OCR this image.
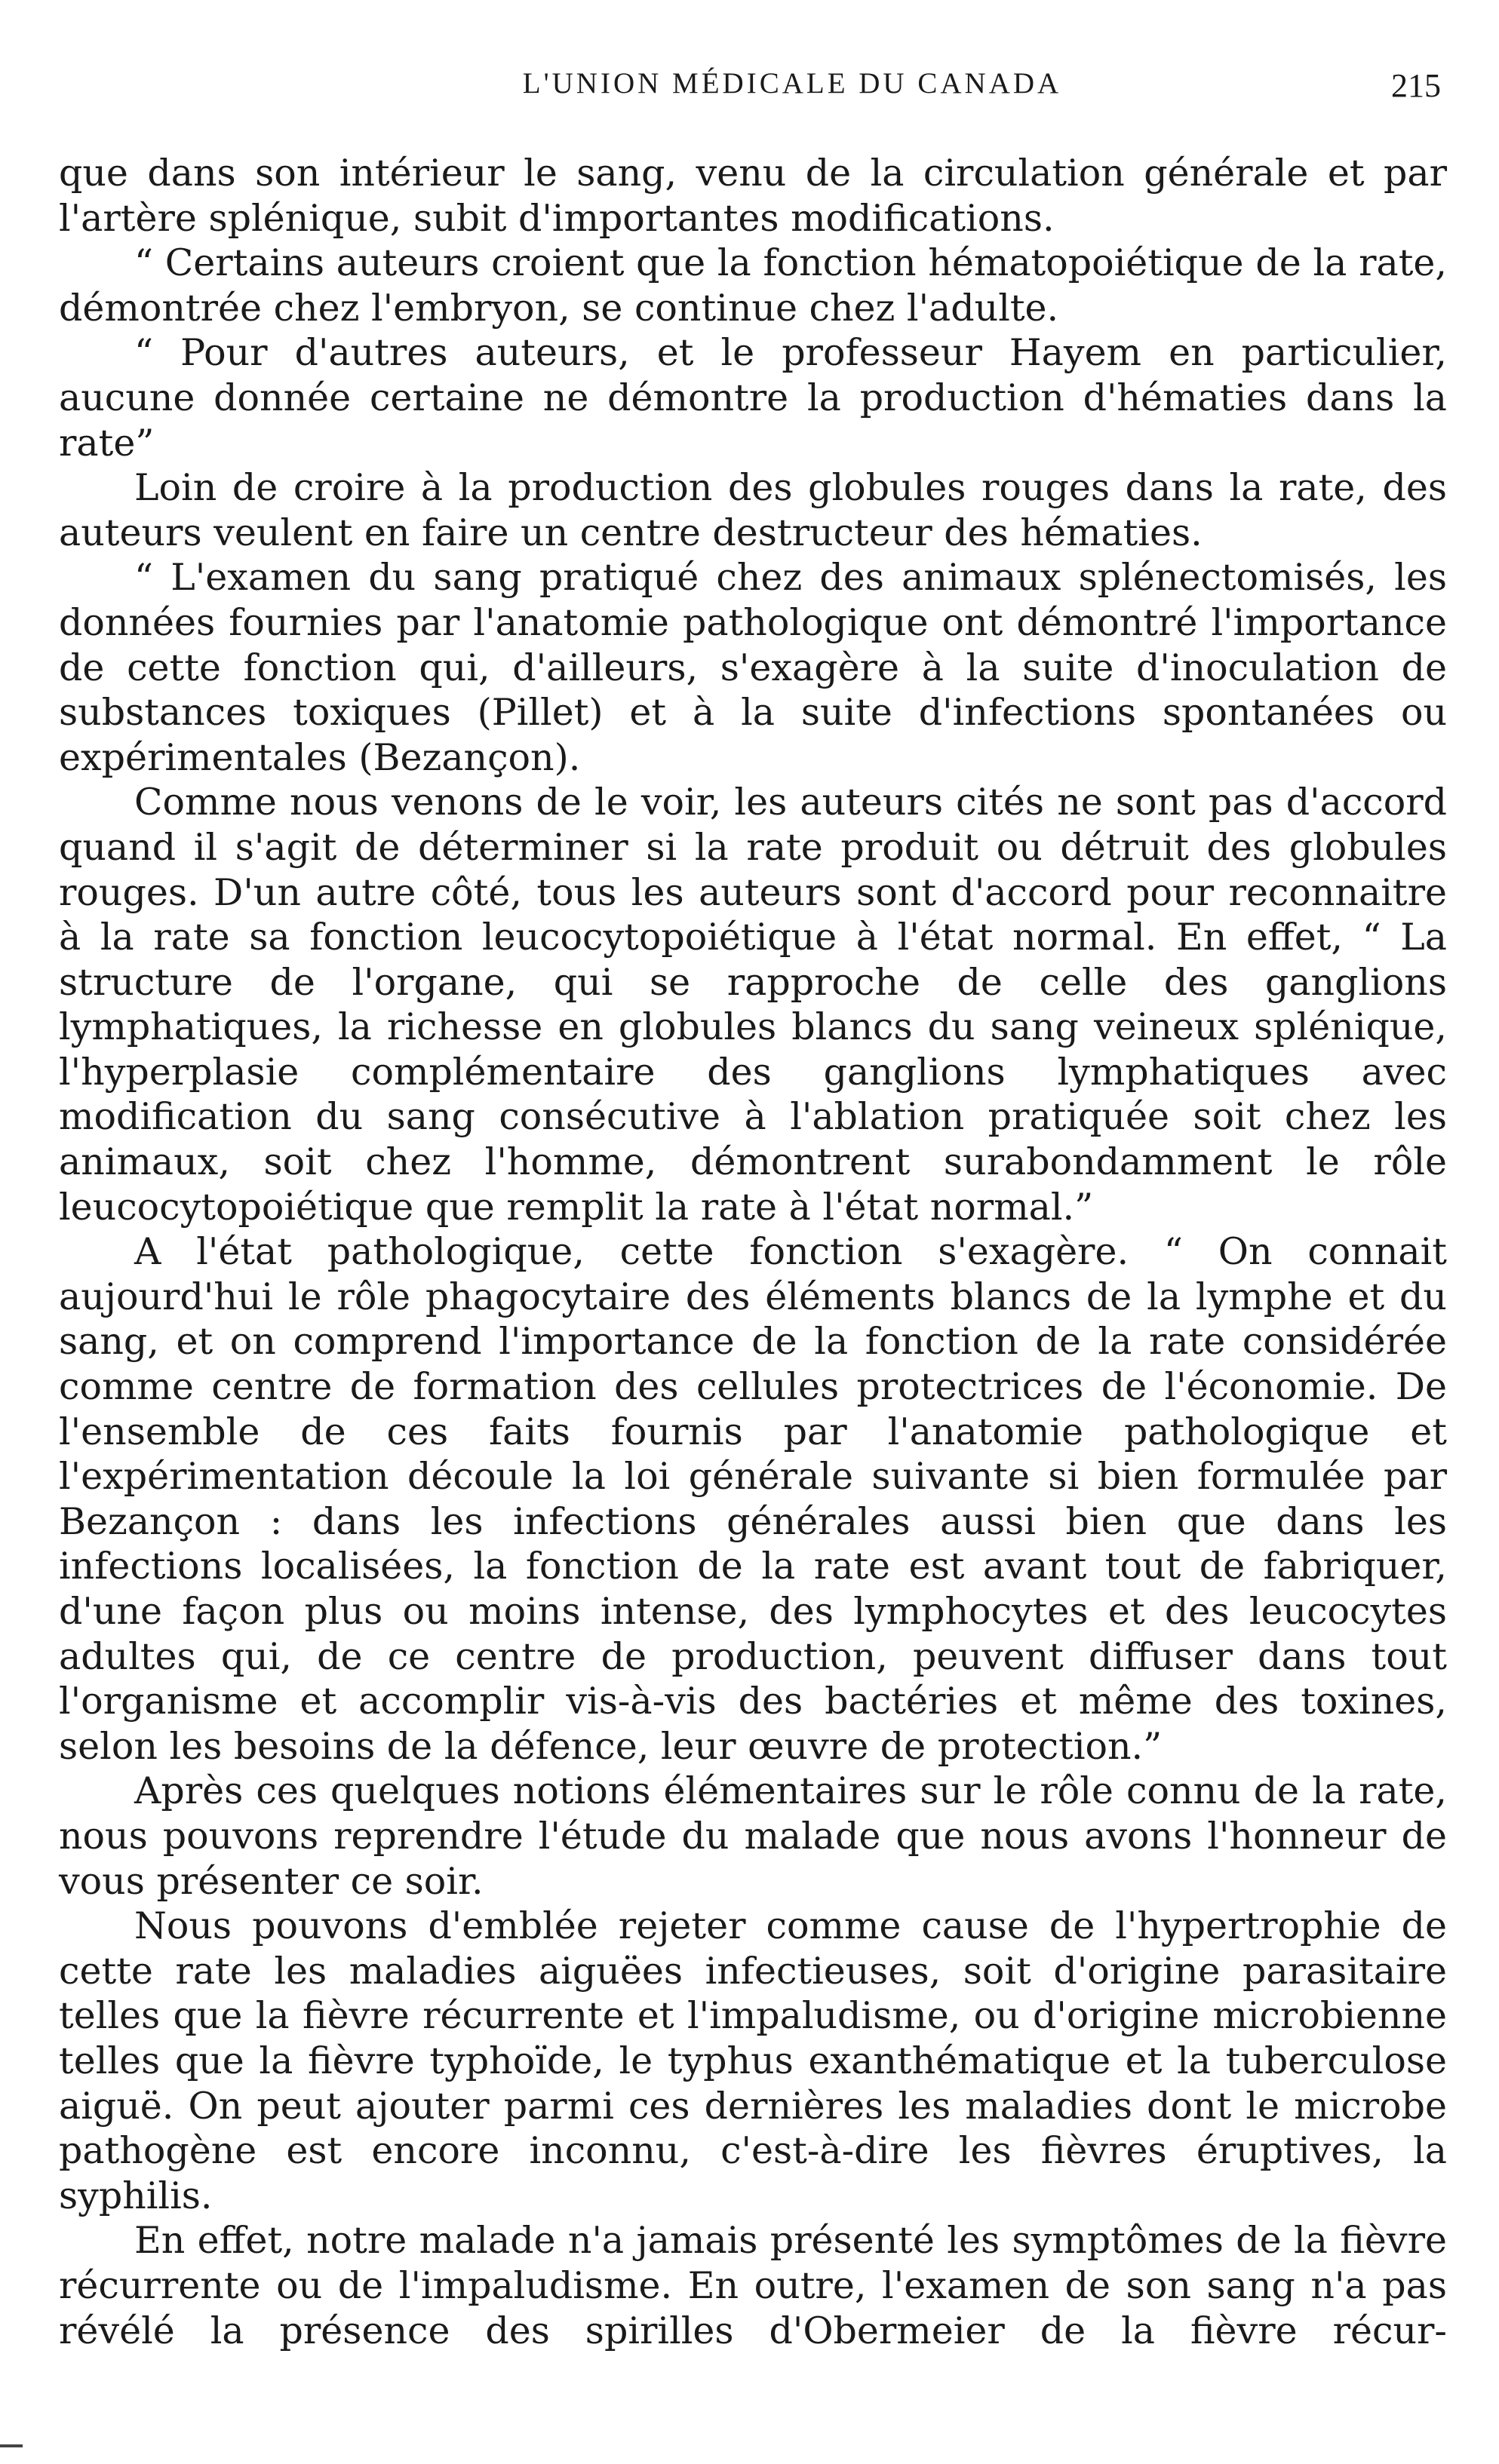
L'UNION MÉDICALE DU CANADA	215

que dans son intérieur le sang, venu de la circulation générale et par l'artère splénique, subit d'importantes modifications.

“ Certains auteurs croient que la fonction hématopoiétique de la rate, démontrée chez l'embryon, se continue chez l'adulte.

“ Pour d'autres auteurs, et le professeur Hayem en particulier, aucune donnée certaine ne démontre la production d'hématies dans la rate”

Loin de croire à la production des globules rouges dans la rate, des auteurs veulent en faire un centre destructeur des hématies.

“ L'examen du sang pratiqué chez des animaux splénectomisés, les données fournies par l'anatomie pathologique ont démontré l'importance de cette fonction qui, d'ailleurs, s'exagère à la suite d'inoculation de substances toxiques (Pillet) et à la suite d'infections spontanées ou expérimentales (Bezançon).

Comme nous venons de le voir, les auteurs cités ne sont pas d'accord quand il s'agit de déterminer si la rate produit ou détruit des globules rouges. D'un autre côté, tous les auteurs sont d'accord pour reconnaitre à la rate sa fonction leucocytopoiétique à l'état normal. En effet, “ La structure de l'organe, qui se rapproche de celle des ganglions lymphatiques, la richesse en globules blancs du sang veineux splénique, l'hyperplasie complémentaire des ganglions lymphatiques avec modification du sang consécutive à l'ablation pratiquée soit chez les animaux, soit chez l'homme, démontrent surabondamment le rôle leucocytopoiétique que remplit la rate à l'état normal.”

A l'état pathologique, cette fonction s'exagère. “ On connait aujourd'hui le rôle phagocytaire des éléments blancs de la lymphe et du sang, et on comprend l'importance de la fonction de la rate considérée comme centre de formation des cellules protectrices de l'économie. De l'ensemble de ces faits fournis par l'anatomie pathologique et l'expérimentation découle la loi générale suivante si bien formulée par Bezançon : dans les infections générales aussi bien que dans les infections localisées, la fonction de la rate est avant tout de fabriquer, d'une façon plus ou moins intense, des lymphocytes et des leucocytes adultes qui, de ce centre de production, peuvent diffuser dans tout l'organisme et accomplir vis-à-vis des bactéries et même des toxines, selon les besoins de la défence, leur œuvre de protection.”

Après ces quelques notions élémentaires sur le rôle connu de la rate, nous pouvons reprendre l'étude du malade que nous avons l'honneur de vous présenter ce soir.

Nous pouvons d'emblée rejeter comme cause de l'hypertrophie de cette rate les maladies aiguëes infectieuses, soit d'origine parasitaire telles que la fièvre récurrente et l'impaludisme, ou d'origine microbienne telles que la fièvre typhoïde, le typhus exanthématique et la tuberculose aiguë. On peut ajouter parmi ces dernières les maladies dont le microbe pathogène est encore inconnu, c'est-à-dire les fièvres éruptives, la syphilis.

En effet, notre malade n'a jamais présenté les symptômes de la fièvre récurrente ou de l'impaludisme. En outre, l'examen de son sang n'a pas révélé la présence des spirilles d'Obermeier de la fièvre récur-
